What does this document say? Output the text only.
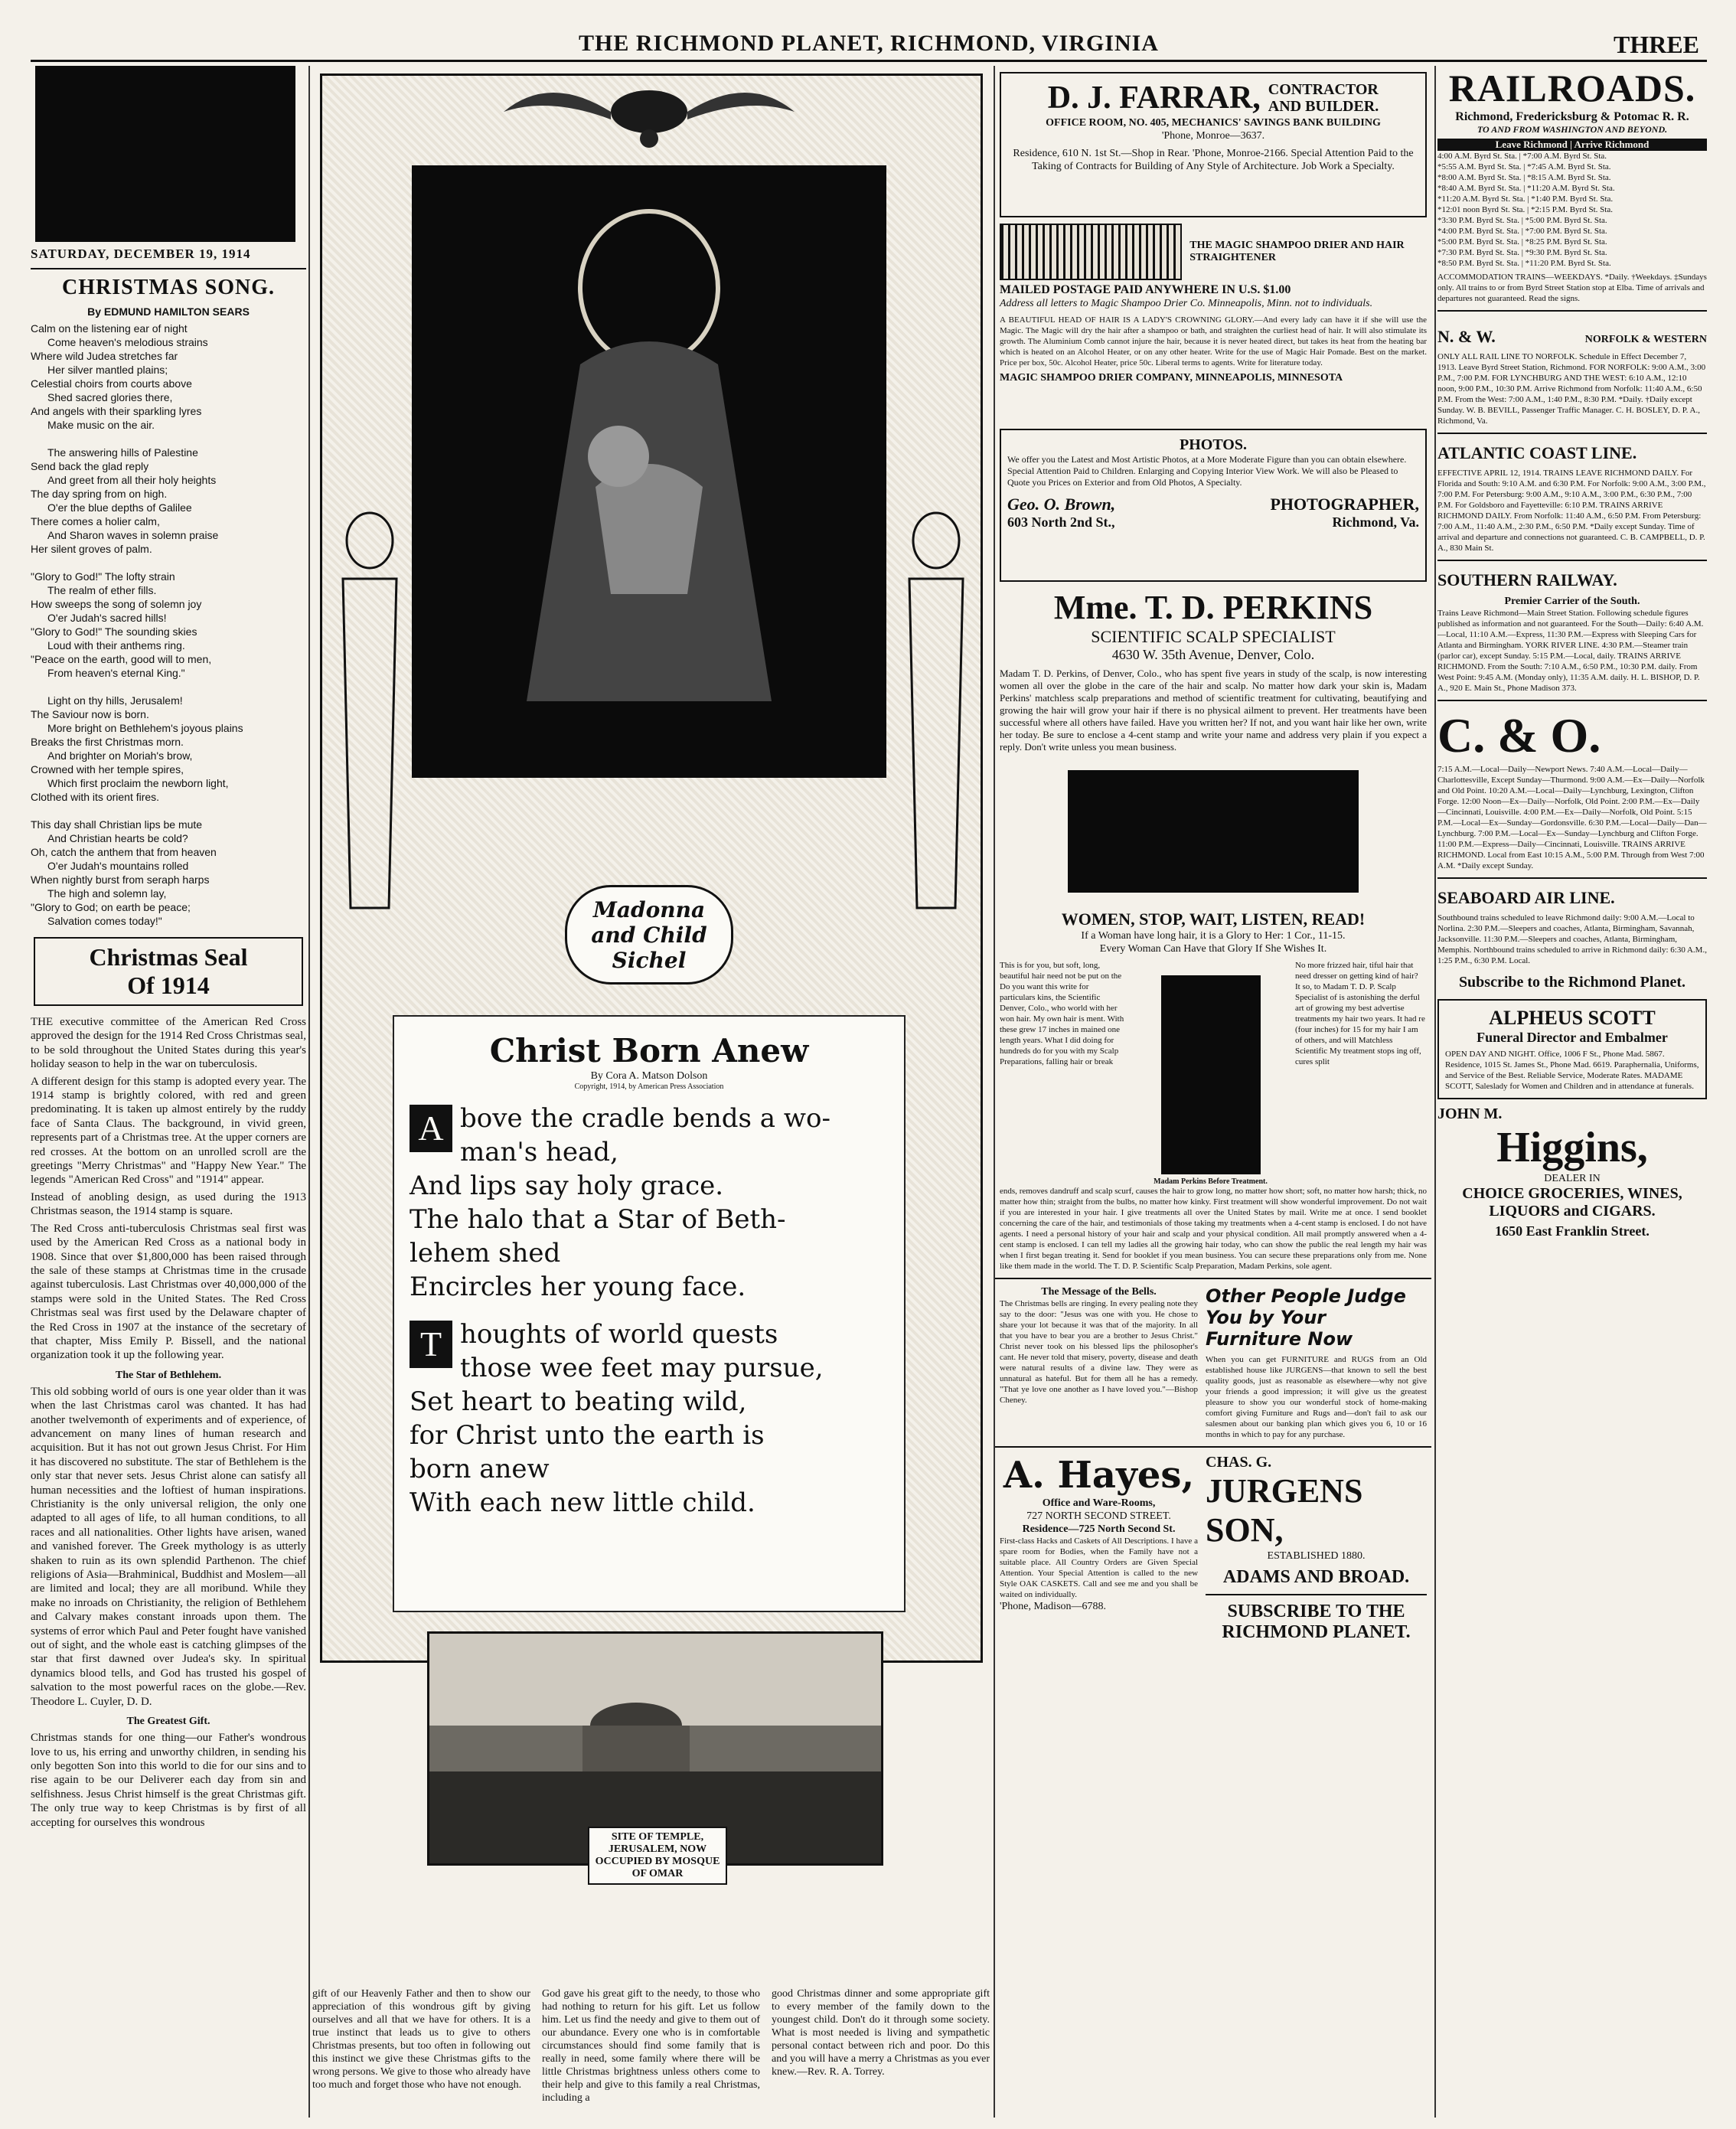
THE RICHMOND PLANET, RICHMOND, VIRGINIA	THREE
SATURDAY, DECEMBER 19, 1914
CHRISTMAS SONG.
By EDMUND HAMILTON SEARS
Calm on the listening ear of night
Come heaven's melodious strains
Where wild Judea stretches far
Her silver mantled plains;
Celestial choirs from courts above
Shed sacred glories there,
And angels with their sparkling lyres
Make music on the air.

The answering hills of Palestine
Send back the glad reply
And greet from all their holy heights
The day spring from on high.
O'er the blue depths of Galilee
There comes a holier calm,
And Sharon waves in solemn praise
Her silent groves of palm.

"Glory to God!" The lofty strain
The realm of ether fills.
How sweeps the song of solemn joy
O'er Judah's sacred hills!
"Glory to God!" The sounding skies
Loud with their anthems ring.
"Peace on the earth, good will to men,
From heaven's eternal King."

Light on thy hills, Jerusalem!
The Saviour now is born.
More bright on Bethlehem's joyous plains
Breaks the first Christmas morn.
And brighter on Moriah's brow,
Crowned with her temple spires,
Which first proclaim the newborn light,
Clothed with its orient fires.

This day shall Christian lips be mute
And Christian hearts be cold?
Oh, catch the anthem that from heaven
O'er Judah's mountains rolled
When nightly burst from seraph harps
The high and solemn lay,
"Glory to God; on earth be peace;
Salvation comes today!"
Christmas Seal
Of 1914

THE executive committee of the American Red Cross approved the design for the 1914 Red Cross Christmas seal, to be sold throughout the United States during this year's holiday season to help in the war on tuberculosis.

A different design for this stamp is adopted every year. The 1914 stamp is brightly colored, with red and green predominating. It is taken up almost entirely by the ruddy face of Santa Claus. The background, in vivid green, represents part of a Christmas tree. At the upper corners are red crosses. At the bottom on an unrolled scroll are the greetings "Merry Christmas" and "Happy New Year." The legends "American Red Cross" and "1914" appear.

Instead of anobling design, as used during the 1913 Christmas season, the 1914 stamp is square.

The Red Cross anti-tuberculosis Christmas seal first was used by the American Red Cross as a national body in 1908. Since that over $1,800,000 has been raised through the sale of these stamps at Christmas time in the crusade against tuberculosis. Last Christmas over 40,000,000 of the stamps were sold in the United States. The Red Cross Christmas seal was first used by the Delaware chapter of the Red Cross in 1907 at the instance of the secretary of that chapter, Miss Emily P. Bissell, and the national organization took it up the following year.

The Star of Bethlehem.

This old sobbing world of ours is one year older than it was when the last Christmas carol was chanted. It has had another twelvemonth of experiments and of experience, of advancement on many lines of human research and acquisition. But it has not out grown Jesus Christ. For Him it has discovered no substitute. The star of Bethlehem is the only star that never sets. Jesus Christ alone can satisfy all human necessities and the loftiest of human inspirations. Christianity is the only universal religion, the only one adapted to all ages of life, to all human conditions, to all races and all nationalities. Other lights have arisen, waned and vanished forever. The Greek mythology is as utterly shaken to ruin as its own splendid Parthenon. The chief religions of Asia—Brahminical, Buddhist and Moslem—all are limited and local; they are all moribund. While they make no inroads on Christianity, the religion of Bethlehem and Calvary makes constant inroads upon them. The systems of error which Paul and Peter fought have vanished out of sight, and the whole east is catching glimpses of the star that first dawned over Judea's sky. In spiritual dynamics blood tells, and God has trusted his gospel of salvation to the most powerful races on the globe.—Rev. Theodore L. Cuyler, D. D.

The Greatest Gift.

Christmas stands for one thing—our Father's wondrous love to us, his erring and unworthy children, in sending his only begotten Son into this world to die for our sins and to rise again to be our Deliverer each day from sin and selfishness. Jesus Christ himself is the great Christmas gift. The only true way to keep Christmas is by first of all accepting for ourselves this wondrous

Madonna and Child Sichel
Christ Born Anew
By Cora A. Matson Dolson
Copyright, 1914, by American Press Association
A bove the cradle bends a wo-
man's head,
And lips say holy grace.
The halo that a Star of Beth-
lehem shed
Encircles her young face.
T houghts of world quests
those wee feet may pursue,
Set heart to beating wild,
for Christ unto the earth is
born anew
With each new little child.
SITE OF TEMPLE, JERUSALEM, NOW OCCUPIED BY MOSQUE OF OMAR
gift of our Heavenly Father and then to show our appreciation of this wondrous gift by giving ourselves and all that we have for others. It is a true instinct that leads us to give to others Christmas presents, but too often in following out this instinct we give these Christmas gifts to the wrong persons. We give to those who already have too much and forget those who have not enough.
God gave his great gift to the needy, to those who had nothing to return for his gift. Let us follow him. Let us find the needy and give to them out of our abundance. Every one who is in comfortable circumstances should find some family that is really in need, some family where there will be little Christmas brightness unless others come to their help and give to this family a real Christmas, including a
good Christmas dinner and some appropriate gift to every member of the family down to the youngest child. Don't do it through some society. What is most needed is living and sympathetic personal contact between rich and poor. Do this and you will have a merry a Christmas as you ever knew.—Rev. R. A. Torrey.
D. J. FARRAR, CONTRACTOR
AND BUILDER.
OFFICE ROOM, NO. 405, MECHANICS' SAVINGS BANK BUILDING
'Phone, Monroe—3637.
Residence, 610 N. 1st St.—Shop in Rear. 'Phone, Monroe-2166. Special Attention Paid to the Taking of Contracts for Building of Any Style of Architecture. Job Work a Specialty.
THE MAGIC SHAMPOO DRIER AND HAIR STRAIGHTENER
MAILED POSTAGE PAID ANYWHERE IN U.S. $1.00
Address all letters to Magic Shampoo Drier Co. Minneapolis, Minn. not to individuals.
A BEAUTIFUL HEAD OF HAIR IS A LADY'S CROWNING GLORY.—And every lady can have it if she will use the Magic. The Magic will dry the hair after a shampoo or bath, and straighten the curliest head of hair. It will also stimulate its growth. The Aluminium Comb cannot injure the hair, because it is never heated direct, but takes its heat from the heating bar which is heated on an Alcohol Heater, or on any other heater. Write for the use of Magic Hair Pomade. Best on the market. Price per box, 50c. Alcohol Heater, price 50c. Liberal terms to agents. Write for literature today.
MAGIC SHAMPOO DRIER COMPANY, MINNEAPOLIS, MINNESOTA
PHOTOS.
We offer you the Latest and Most Artistic Photos, at a More Moderate Figure than you can obtain elsewhere. Special Attention Paid to Children. Enlarging and Copying Interior View Work. We will also be Pleased to Quote you Prices on Exterior and from Old Photos, A Specialty.
Geo. O. Brown,	PHOTOGRAPHER,
603 North 2nd St.,	Richmond, Va.
Mme. T. D. PERKINS
SCIENTIFIC SCALP SPECIALIST
4630 W. 35th Avenue, Denver, Colo.
Madam T. D. Perkins, of Denver, Colo., who has spent five years in study of the scalp, is now interesting women all over the globe in the care of the hair and scalp. No matter how dark your skin is, Madam Perkins' matchless scalp preparations and method of scientific treatment for cultivating, beautifying and growing the hair will grow your hair if there is no physical ailment to prevent. Her treatments have been successful where all others have failed. Have you written her? If not, and you want hair like her own, write her today. Be sure to enclose a 4-cent stamp and write your name and address very plain if you expect a reply. Don't write unless you mean business.
WOMEN, STOP, WAIT, LISTEN, READ!
If a Woman have long hair, it is a Glory to Her: 1 Cor., 11-15.
Every Woman Can Have that Glory If She Wishes It.
This is for you, but soft, long, beautiful hair need not be put on the Do you want this write for particulars kins, the Scientific Denver, Colo., who world with her won hair. My own hair is ment. With these grew 17 inches in mained one length years. What I did doing for hundreds do for you with my Scalp Preparations, falling hair or break
Madam Perkins Before Treatment.
No more frizzed hair, tiful hair that need dresser on getting kind of hair? It so, to Madam T. D. P. Scalp Specialist of is astonishing the derful art of growing my best advertise treatments my hair two years. It had re (four inches) for 15 for my hair I am of others, and will Matchless Scientific My treatment stops ing off, cures split
ends, removes dandruff and scalp scurf, causes the hair to grow long, no matter how short; soft, no matter how harsh; thick, no matter how thin; straight from the bulbs, no matter how kinky. First treatment will show wonderful improvement. Do not wait if you are interested in your hair. I give treatments all over the United States by mail. Write me at once. I send booklet concerning the care of the hair, and testimonials of those taking my treatments when a 4-cent stamp is enclosed. I do not have agents. I need a personal history of your hair and scalp and your physical condition. All mail promptly answered when a 4-cent stamp is enclosed. I can tell my ladies all the growing hair today, who can show the public the real length my hair was when I first began treating it. Send for booklet if you mean business. You can secure these preparations only from me. None like them made in the world. The T. D. P. Scientific Scalp Preparation, Madam Perkins, sole agent.
The Message of the Bells.
The Christmas bells are ringing. In every pealing note they say to the door: "Jesus was one with you. He chose to share your lot because it was that of the majority. In all that you have to bear you are a brother to Jesus Christ." Christ never took on his blessed lips the philosopher's cant. He never told that misery, poverty, disease and death were natural results of a divine law. They were as unnatural as hateful. But for them all he has a remedy. "That ye love one another as I have loved you."—Bishop Cheney.
Other People Judge You by Your Furniture Now
When you can get FURNITURE and RUGS from an Old established house like JURGENS—that known to sell the best quality goods, just as reasonable as elsewhere—why not give your friends a good impression; it will give us the greatest pleasure to show you our wonderful stock of home-making comfort giving Furniture and Rugs and—don't fail to ask our salesmen about our banking plan which gives you 6, 10 or 16 months in which to pay for any purchase.
A. Hayes,
Office and Ware-Rooms,
727 NORTH SECOND STREET.
Residence—725 North Second St.
First-class Hacks and Caskets of All Descriptions. I have a spare room for Bodies, when the Family have not a suitable place. All Country Orders are Given Special Attention. Your Special Attention is called to the new Style OAK CASKETS. Call and see me and you shall be waited on individually.
'Phone, Madison—6788.
CHAS. G.
JURGENS SON,
ESTABLISHED 1880.
ADAMS AND BROAD.
SUBSCRIBE TO THE RICHMOND PLANET.
RAILROADS.
Richmond, Fredericksburg & Potomac R. R.
TO AND FROM WASHINGTON AND BEYOND.
Leave Richmond | Arrive Richmond
4:00 A.M. Byrd St. Sta. | *7:00 A.M. Byrd St. Sta.
*5:55 A.M. Byrd St. Sta. | *7:45 A.M. Byrd St. Sta.
*8:00 A.M. Byrd St. Sta. | *8:15 A.M. Byrd St. Sta.
*8:40 A.M. Byrd St. Sta. | *11:20 A.M. Byrd St. Sta.
*11:20 A.M. Byrd St. Sta. | *1:40 P.M. Byrd St. Sta.
*12:01 noon Byrd St. Sta. | *2:15 P.M. Byrd St. Sta.
*3:30 P.M. Byrd St. Sta. | *5:00 P.M. Byrd St. Sta.
*4:00 P.M. Byrd St. Sta. | *7:00 P.M. Byrd St. Sta.
*5:00 P.M. Byrd St. Sta. | *8:25 P.M. Byrd St. Sta.
*7:30 P.M. Byrd St. Sta. | *9:30 P.M. Byrd St. Sta.
*8:50 P.M. Byrd St. Sta. | *11:20 P.M. Byrd St. Sta.
ACCOMMODATION TRAINS—WEEKDAYS. *Daily. †Weekdays. ‡Sundays only. All trains to or from Byrd Street Station stop at Elba. Time of arrivals and departures not guaranteed. Read the signs.
N. & W.	NORFOLK & WESTERN
ONLY ALL RAIL LINE TO NORFOLK. Schedule in Effect December 7, 1913. Leave Byrd Street Station, Richmond. FOR NORFOLK: 9:00 A.M., 3:00 P.M., 7:00 P.M. FOR LYNCHBURG AND THE WEST: 6:10 A.M., 12:10 noon, 9:00 P.M., 10:30 P.M. Arrive Richmond from Norfolk: 11:40 A.M., 6:50 P.M. From the West: 7:00 A.M., 1:40 P.M., 8:30 P.M. *Daily. †Daily except Sunday. W. B. BEVILL, Passenger Traffic Manager. C. H. BOSLEY, D. P. A., Richmond, Va.
ATLANTIC COAST LINE.
EFFECTIVE APRIL 12, 1914. TRAINS LEAVE RICHMOND DAILY. For Florida and South: 9:10 A.M. and 6:30 P.M. For Norfolk: 9:00 A.M., 3:00 P.M., 7:00 P.M. For Petersburg: 9:00 A.M., 9:10 A.M., 3:00 P.M., 6:30 P.M., 7:00 P.M. For Goldsboro and Fayetteville: 6:10 P.M. TRAINS ARRIVE RICHMOND DAILY. From Norfolk: 11:40 A.M., 6:50 P.M. From Petersburg: 7:00 A.M., 11:40 A.M., 2:30 P.M., 6:50 P.M. *Daily except Sunday. Time of arrival and departure and connections not guaranteed. C. B. CAMPBELL, D. P. A., 830 Main St.
SOUTHERN RAILWAY.
Premier Carrier of the South.
Trains Leave Richmond—Main Street Station. Following schedule figures published as information and not guaranteed. For the South—Daily: 6:40 A.M.—Local, 11:10 A.M.—Express, 11:30 P.M.—Express with Sleeping Cars for Atlanta and Birmingham. YORK RIVER LINE. 4:30 P.M.—Steamer train (parlor car), except Sunday. 5:15 P.M.—Local, daily. TRAINS ARRIVE RICHMOND. From the South: 7:10 A.M., 6:50 P.M., 10:30 P.M. daily. From West Point: 9:45 A.M. (Monday only), 11:35 A.M. daily. H. L. BISHOP, D. P. A., 920 E. Main St., Phone Madison 373.
C. & O.
7:15 A.M.—Local—Daily—Newport News. 7:40 A.M.—Local—Daily—Charlottesville, Except Sunday—Thurmond. 9:00 A.M.—Ex—Daily—Norfolk and Old Point. 10:20 A.M.—Local—Daily—Lynchburg, Lexington, Clifton Forge. 12:00 Noon—Ex—Daily—Norfolk, Old Point. 2:00 P.M.—Ex—Daily—Cincinnati, Louisville. 4:00 P.M.—Ex—Daily—Norfolk, Old Point. 5:15 P.M.—Local—Ex—Sunday—Gordonsville. 6:30 P.M.—Local—Daily—Dan—Lynchburg. 7:00 P.M.—Local—Ex—Sunday—Lynchburg and Clifton Forge. 11:00 P.M.—Express—Daily—Cincinnati, Louisville. TRAINS ARRIVE RICHMOND. Local from East 10:15 A.M., 5:00 P.M. Through from West 7:00 A.M. *Daily except Sunday.
SEABOARD AIR LINE.
Southbound trains scheduled to leave Richmond daily: 9:00 A.M.—Local to Norlina. 2:30 P.M.—Sleepers and coaches, Atlanta, Birmingham, Savannah, Jacksonville. 11:30 P.M.—Sleepers and coaches, Atlanta, Birmingham, Memphis. Northbound trains scheduled to arrive in Richmond daily: 6:30 A.M., 1:25 P.M., 6:30 P.M. Local.
Subscribe to the Richmond Planet.
ALPHEUS SCOTT
Funeral Director and Embalmer
OPEN DAY AND NIGHT. Office, 1006 F St., Phone Mad. 5867. Residence, 1015 St. James St., Phone Mad. 6619. Paraphernalia, Uniforms, and Service of the Best. Reliable Service, Moderate Rates. MADAME SCOTT, Saleslady for Women and Children and in attendance at funerals.
JOHN M.
Higgins,
DEALER IN
CHOICE GROCERIES, WINES, LIQUORS and CIGARS.
1650 East Franklin Street.
